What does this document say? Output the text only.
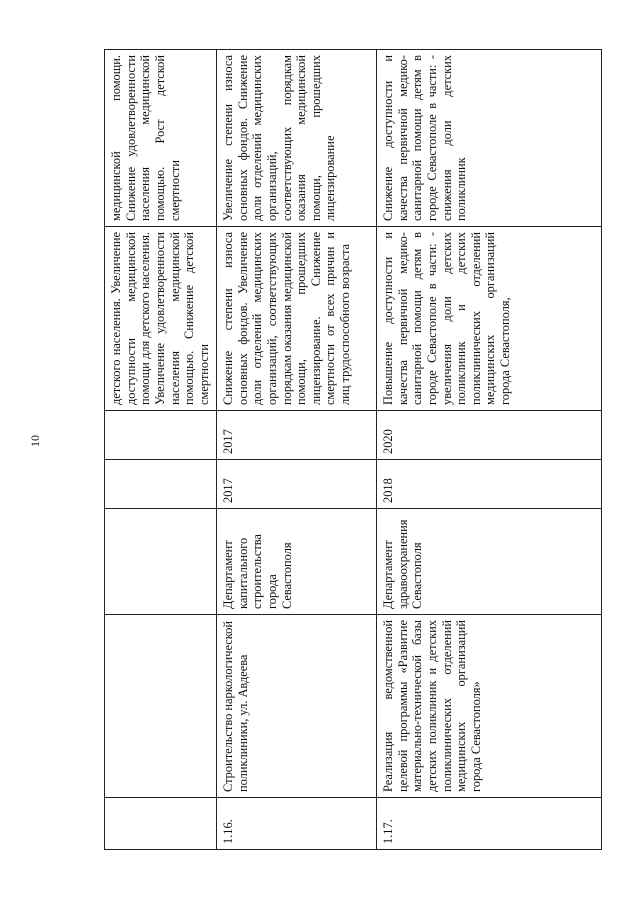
10
					детского населения. Увеличение доступности медицинской помощи для детского населения. Увеличение удовлетворенности населения медицинской помощью. Снижение детской смертности	медицинской помощи. Снижение удовлетворенности населения медицинской помощью. Рост детской смертности
1.16.	Строительство наркологической поликлиники, ул. Авдеева	Департамент капитального строительства города Севастополя	2017	2017	Снижение степени износа основных фондов. Увеличение доли отделений медицинских организаций, соответствующих порядкам оказания медицинской помощи, прошедших лицензирование. Снижение смертности от всех причин и лиц трудоспособного возраста	Увеличение степени износа основных фондов. Снижение доли отделений медицинских организаций, соответствующих порядкам оказания медицинской помощи, прошедших лицензирование
1.17.	Реализация ведомственной целевой программы «Развитие материально-технической базы детских поликлиник и детских поликлинических отделений медицинских организаций города Севастополя»	Департамент здравоохранения Севастополя	2018	2020	Повышение доступности и качества первичной медико-санитарной помощи детям в городе Севастополе в части: - увеличения доли детских поликлиник и детских поликлинических отделений медицинских организаций города Севастополя,	Снижение доступности и качества первичной медико-санитарной помощи детям в городе Севастополе в части: - снижения доли детских поликлиник
